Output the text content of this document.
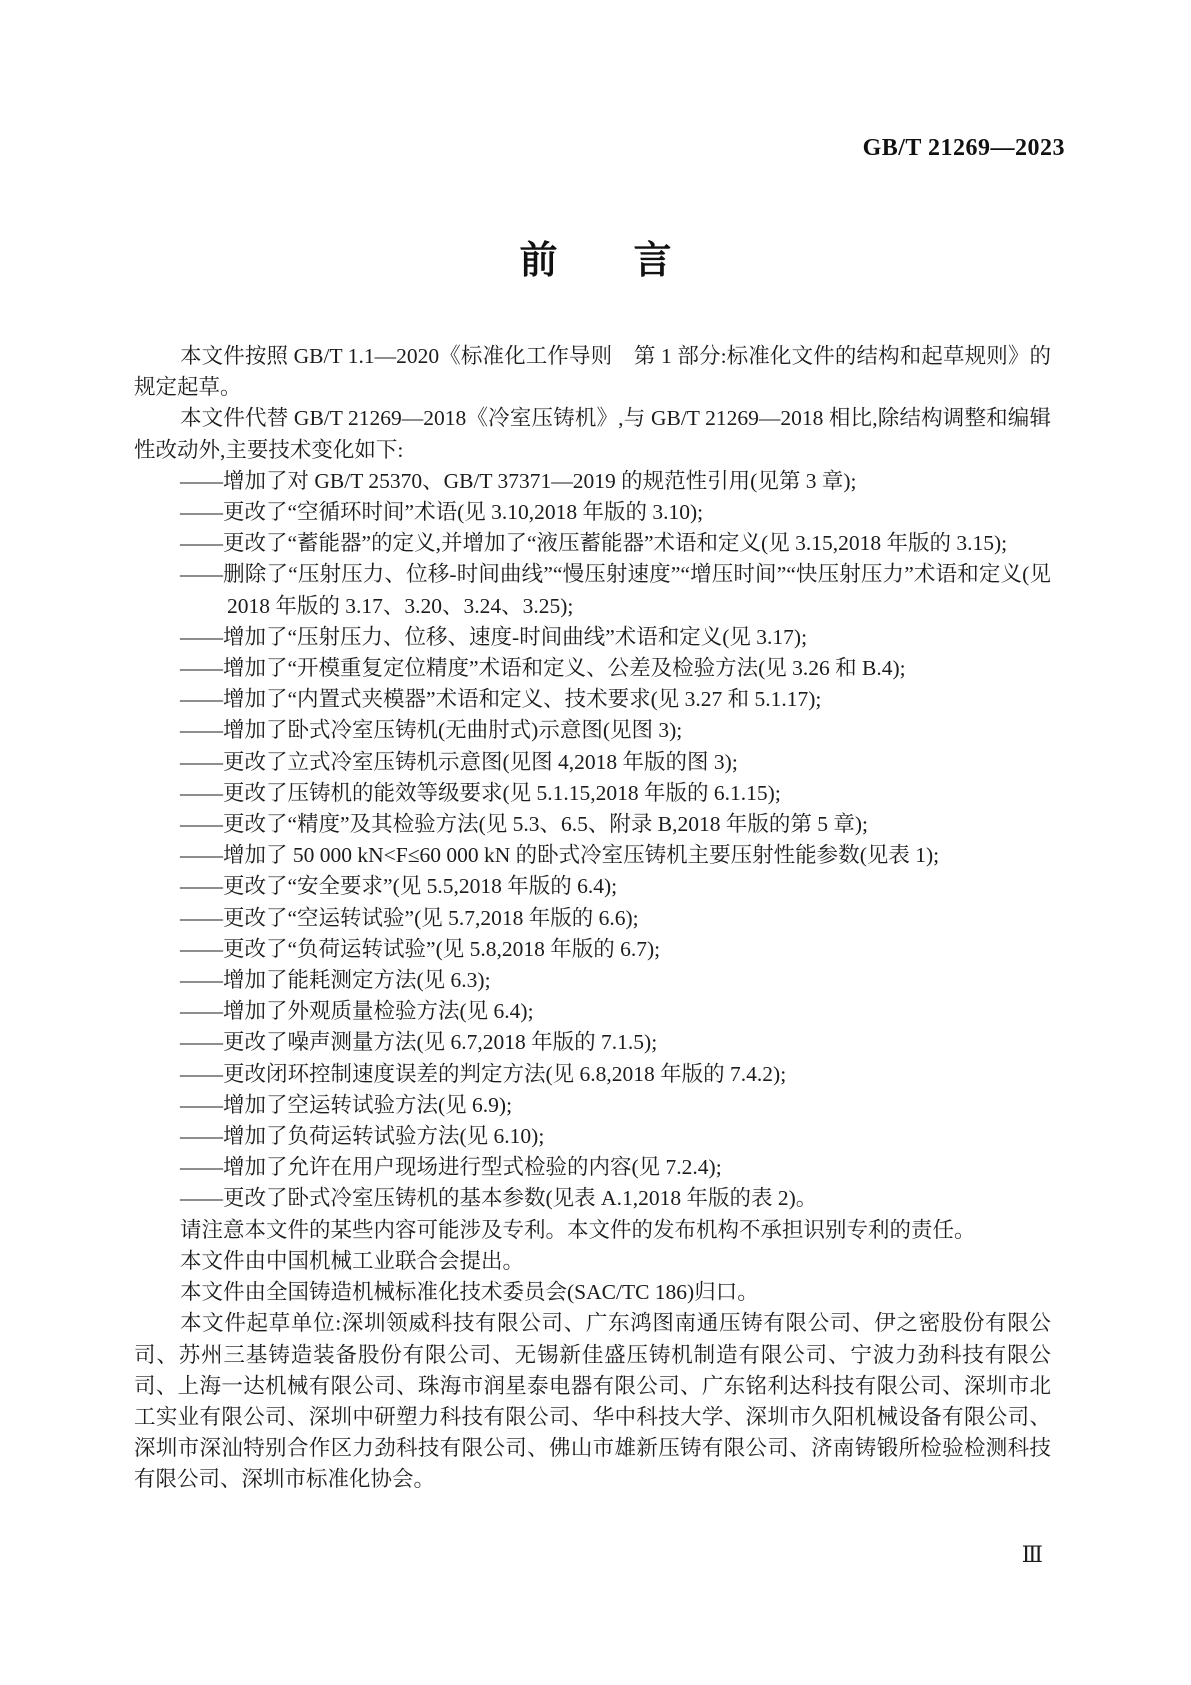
GB/T 21269—2023
前　　言

本文件按照 GB/T 1.1—2020《标准化工作导则　第 1 部分:标准化文件的结构和起草规则》的规定起草。

本文件代替 GB/T 21269—2018《冷室压铸机》,与 GB/T 21269—2018 相比,除结构调整和编辑性改动外,主要技术变化如下:

——增加了对 GB/T 25370、GB/T 37371—2019 的规范性引用(见第 3 章);
——更改了“空循环时间”术语(见 3.10,2018 年版的 3.10);
——更改了“蓄能器”的定义,并增加了“液压蓄能器”术语和定义(见 3.15,2018 年版的 3.15);
——删除了“压射压力、位移-时间曲线”“慢压射速度”“增压时间”“快压射压力”术语和定义(见 2018 年版的 3.17、3.20、3.24、3.25);
——增加了“压射压力、位移、速度-时间曲线”术语和定义(见 3.17);
——增加了“开模重复定位精度”术语和定义、公差及检验方法(见 3.26 和 B.4);
——增加了“内置式夹模器”术语和定义、技术要求(见 3.27 和 5.1.17);
——增加了卧式冷室压铸机(无曲肘式)示意图(见图 3);
——更改了立式冷室压铸机示意图(见图 4,2018 年版的图 3);
——更改了压铸机的能效等级要求(见 5.1.15,2018 年版的 6.1.15);
——更改了“精度”及其检验方法(见 5.3、6.5、附录 B,2018 年版的第 5 章);
——增加了 50 000 kN<F≤60 000 kN 的卧式冷室压铸机主要压射性能参数(见表 1);
——更改了“安全要求”(见 5.5,2018 年版的 6.4);
——更改了“空运转试验”(见 5.7,2018 年版的 6.6);
——更改了“负荷运转试验”(见 5.8,2018 年版的 6.7);
——增加了能耗测定方法(见 6.3);
——增加了外观质量检验方法(见 6.4);
——更改了噪声测量方法(见 6.7,2018 年版的 7.1.5);
——更改闭环控制速度误差的判定方法(见 6.8,2018 年版的 7.4.2);
——增加了空运转试验方法(见 6.9);
——增加了负荷运转试验方法(见 6.10);
——增加了允许在用户现场进行型式检验的内容(见 7.2.4);
——更改了卧式冷室压铸机的基本参数(见表 A.1,2018 年版的表 2)。

请注意本文件的某些内容可能涉及专利。本文件的发布机构不承担识别专利的责任。

本文件由中国机械工业联合会提出。

本文件由全国铸造机械标准化技术委员会(SAC/TC 186)归口。

本文件起草单位:深圳领威科技有限公司、广东鸿图南通压铸有限公司、伊之密股份有限公司、苏州三基铸造装备股份有限公司、无锡新佳盛压铸机制造有限公司、宁波力劲科技有限公司、上海一达机械有限公司、珠海市润星泰电器有限公司、广东铭利达科技有限公司、深圳市北工实业有限公司、深圳中研塑力科技有限公司、华中科技大学、深圳市久阳机械设备有限公司、深圳市深汕特别合作区力劲科技有限公司、佛山市雄新压铸有限公司、济南铸锻所检验检测科技有限公司、深圳市标准化协会。

Ⅲ
